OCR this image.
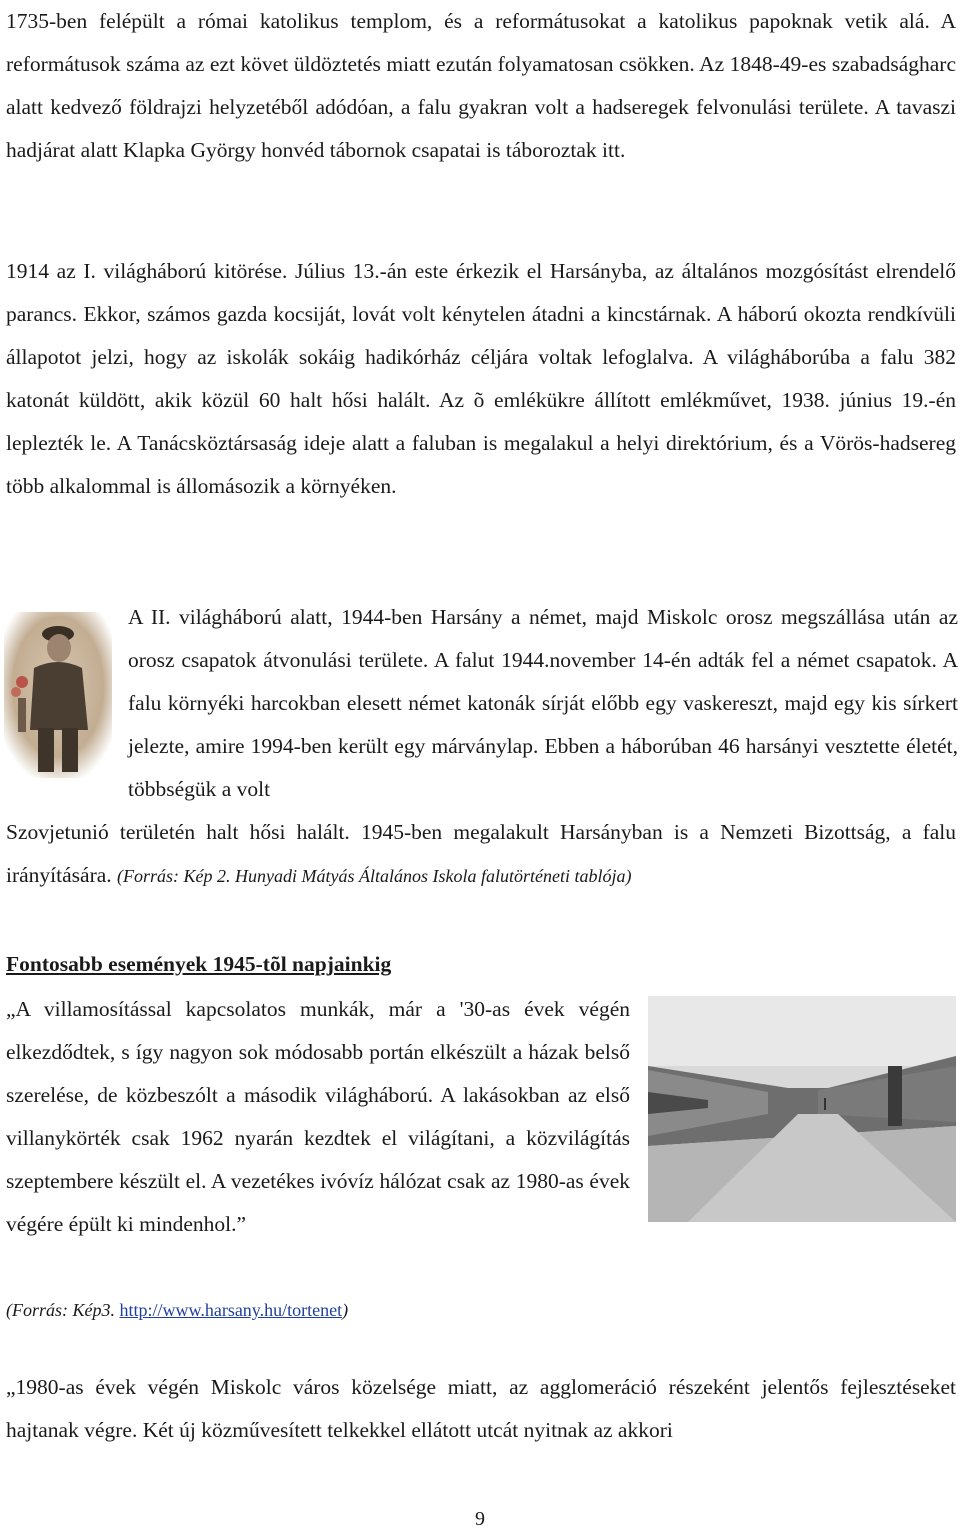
1735-ben felépült a római katolikus templom, és a reformátusokat a katolikus papoknak vetik alá. A reformátusok száma az ezt követ üldöztetés miatt ezután folyamatosan csökken. Az 1848-49-es szabadságharc alatt kedvező földrajzi helyzetéből adódóan, a falu gyakran volt a hadseregek felvonulási területe. A tavaszi hadjárat alatt Klapka György honvéd tábornok csapatai is táboroztak itt.

1914 az I. világháború kitörése. Július 13.-án este érkezik el Harsányba, az általános mozgósítást elrendelő parancs. Ekkor, számos gazda kocsiját, lovát volt kénytelen átadni a kincstárnak. A háború okozta rendkívüli állapotot jelzi, hogy az iskolák sokáig hadikórház céljára voltak lefoglalva. A világháborúba a falu 382 katonát küldött, akik közül 60 halt hősi halált. Az õ emlékükre állított emlékművet, 1938. június 19.-én leplezték le. A Tanácsköztársaság ideje alatt a faluban is megalakul a helyi direktórium, és a Vörös-hadsereg több alkalommal is állomásozik a környéken.

A II. világháború alatt, 1944-ben Harsány a német, majd Miskolc orosz megszállása után az orosz csapatok átvonulási területe. A falut 1944.november 14-én adták fel a német csapatok. A falu környéki harcokban elesett német katonák sírját előbb egy vaskereszt, majd egy kis sírkert jelezte, amire 1994-ben került egy márványlap. Ebben a háborúban 46 harsányi vesztette életét, többségük a volt

Szovjetunió területén halt hősi halált. 1945-ben megalakult Harsányban is a Nemzeti Bizottság, a falu irányítására. (Forrás: Kép 2. Hunyadi Mátyás Általános Iskola falutörténeti tablója)

Fontosabb események 1945-tõl napjainkig

„A villamosítással kapcsolatos munkák, már a '30-as évek végén elkezdődtek, s így nagyon sok módosabb portán elkészült a házak belső szerelése, de közbeszólt a második világháború. A lakásokban az első villanykörték csak 1962 nyarán kezdtek el világítani, a közvilágítás szeptembere készült el. A vezetékes ivóvíz hálózat csak az 1980-as évek végére épült ki mindenhol.”

(Forrás: Kép3. http://www.harsany.hu/tortenet)

„1980-as évek végén Miskolc város közelsége miatt, az agglomeráció részeként jelentős fejlesztéseket hajtanak végre. Két új közművesített telkekkel ellátott utcát nyitnak az akkori

9
